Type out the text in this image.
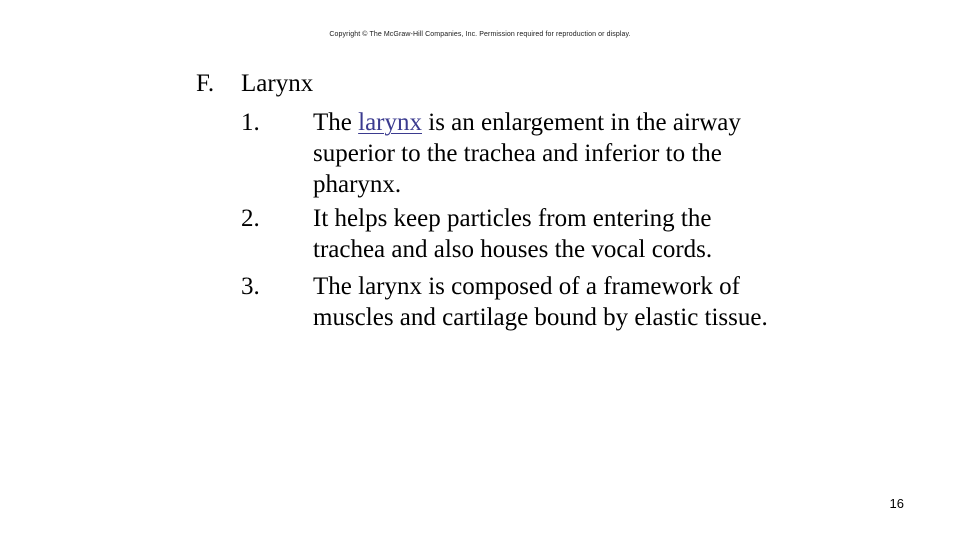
Copyright © The McGraw-Hill Companies, Inc. Permission required for reproduction or display.
F. Larynx
1. The larynx is an enlargement in the airway superior to the trachea and inferior to the pharynx.
2. It helps keep particles from entering the trachea and also houses the vocal cords.
3. The larynx is composed of a framework of muscles and cartilage bound by elastic tissue.
16
